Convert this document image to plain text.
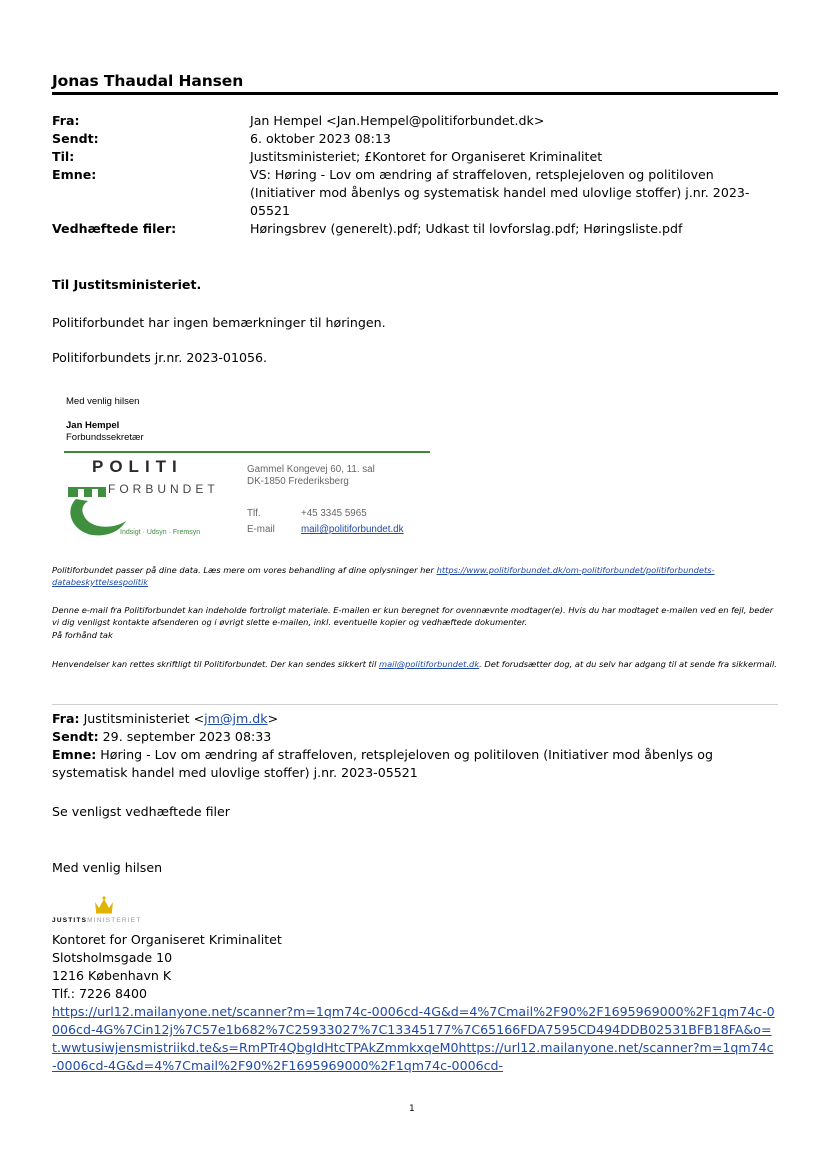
Jonas Thaudal Hansen
Fra:	Jan Hempel <Jan.Hempel@politiforbundet.dk>
Sendt:	6. oktober 2023 08:13
Til:	Justitsministeriet; £Kontoret for Organiseret Kriminalitet
Emne:	VS: Høring - Lov om ændring af straffeloven, retsplejeloven og politiloven (Initiativer mod åbenlys og systematisk handel med ulovlige stoffer) j.nr. 2023-05521
Vedhæftede filer:	Høringsbrev (generelt).pdf; Udkast til lovforslag.pdf; Høringsliste.pdf
Til Justitsministeriet.
Politiforbundet har ingen bemærkninger til høringen.
Politiforbundets jr.nr. 2023-01056.
Med venlig hilsen
Jan Hempel
Forbundssekretær
POLITI
FORBUNDET
Indsigt · Udsyn · Fremsyn
Gammel Kongevej 60, 11. sal
DK-1850 Frederiksberg
Tlf.	+45 3345 5965
E-mail	mail@politiforbundet.dk
Politiforbundet passer på dine data. Læs mere om vores behandling af dine oplysninger her https://www.politiforbundet.dk/om-politiforbundet/politiforbundets-databeskyttelsespolitik
Denne e-mail fra Politiforbundet kan indeholde fortroligt materiale. E-mailen er kun beregnet for ovennævnte modtager(e). Hvis du har modtaget e-mailen ved en fejl, beder vi dig venligst kontakte afsenderen og i øvrigt slette e-mailen, inkl. eventuelle kopier og vedhæftede dokumenter.
På forhånd tak
Henvendelser kan rettes skriftligt til Politiforbundet. Der kan sendes sikkert til mail@politiforbundet.dk. Det forudsætter dog, at du selv har adgang til at sende fra sikkermail.
Fra: Justitsministeriet <jm@jm.dk>
Sendt: 29. september 2023 08:33
Emne: Høring - Lov om ændring af straffeloven, retsplejeloven og politiloven (Initiativer mod åbenlys og systematisk handel med ulovlige stoffer) j.nr. 2023-05521
Se venligst vedhæftede filer
Med venlig hilsen
JUSTITSMINISTERIET
Kontoret for Organiseret Kriminalitet
Slotsholmsgade 10
1216 København K
Tlf.: 7226 8400
https://url12.mailanyone.net/scanner?m=1qm74c-0006cd-4G&d=4%7Cmail%2F90%2F1695969000%2F1qm74c-0006cd-4G%7Cin12j%7C57e1b682%7C25933027%7C13345177%7C65166FDA7595CD494DDB02531BFB18FA&o=t.wwtusiwjensmistriikd.te&s=RmPTr4QbgIdHtcTPAkZmmkxqeM0https://url12.mailanyone.net/scanner?m=1qm74c-0006cd-4G&d=4%7Cmail%2F90%2F1695969000%2F1qm74c-0006cd-
1
